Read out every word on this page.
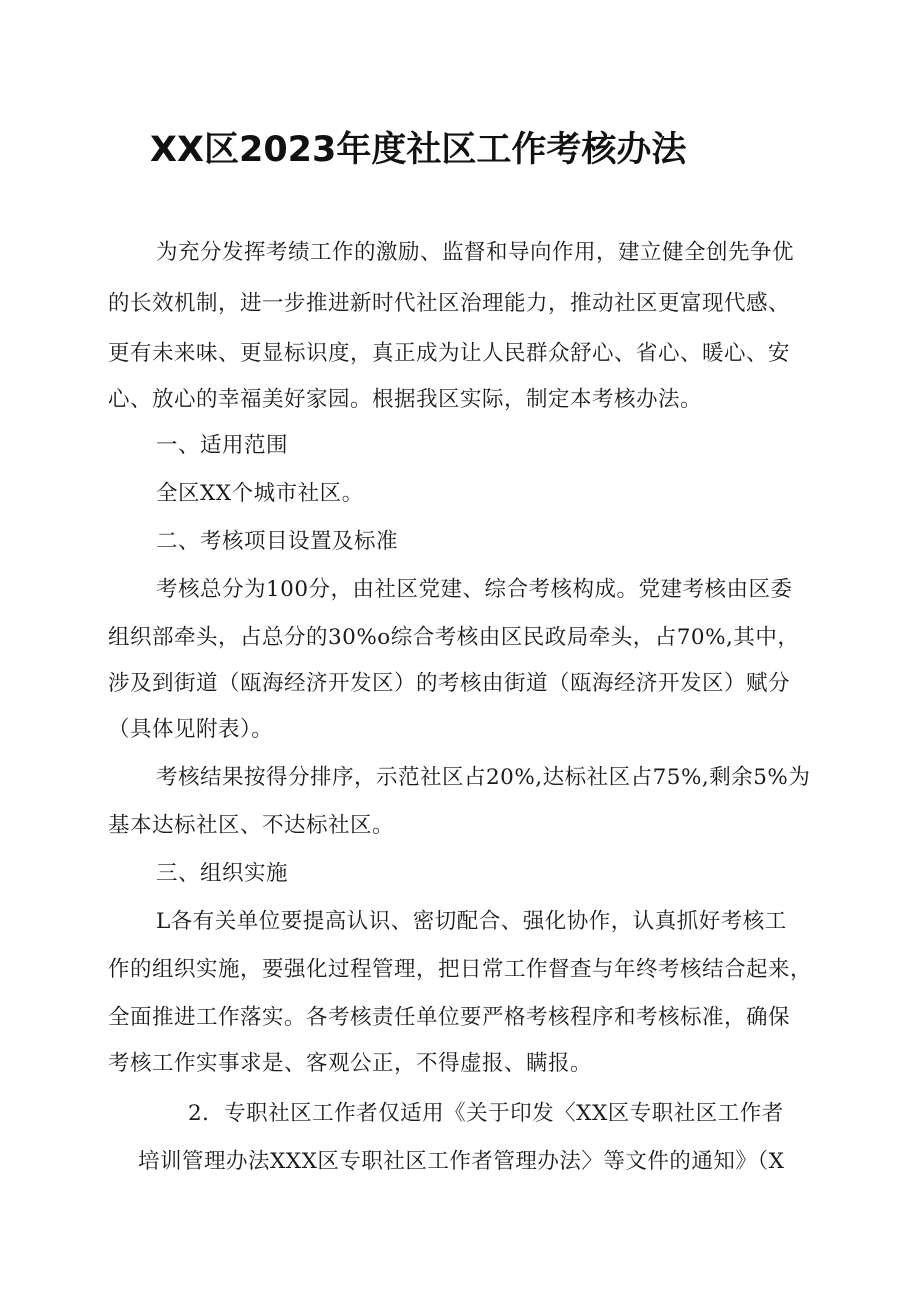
XX区2023年度社区工作考核办法
为充分发挥考绩工作的激励、监督和导向作用，建立健全创先争优
的长效机制，进一步推进新时代社区治理能力，推动社区更富现代感、
更有未来味、更显标识度，真正成为让人民群众舒心、省心、暖心、安
心、放心的幸福美好家园。根据我区实际，制定本考核办法。
一、适用范围
全区XX个城市社区。
二、考核项目设置及标准
考核总分为100分，由社区党建、综合考核构成。党建考核由区委
组织部牵头，占总分的30%o综合考核由区民政局牵头，占70%,其中，
涉及到街道（瓯海经济开发区）的考核由街道（瓯海经济开发区）赋分
（具体见附表）。
考核结果按得分排序，示范社区占20%,达标社区占75%,剩余5%为
基本达标社区、不达标社区。
三、组织实施
L各有关单位要提高认识、密切配合、强化协作，认真抓好考核工
作的组织实施，要强化过程管理，把日常工作督查与年终考核结合起来，
全面推进工作落实。各考核责任单位要严格考核程序和考核标准，确保
考核工作实事求是、客观公正，不得虚报、瞒报。
2．专职社区工作者仅适用《关于印发〈XX区专职社区工作者
培训管理办法XXX区专职社区工作者管理办法〉等文件的通知》（X
